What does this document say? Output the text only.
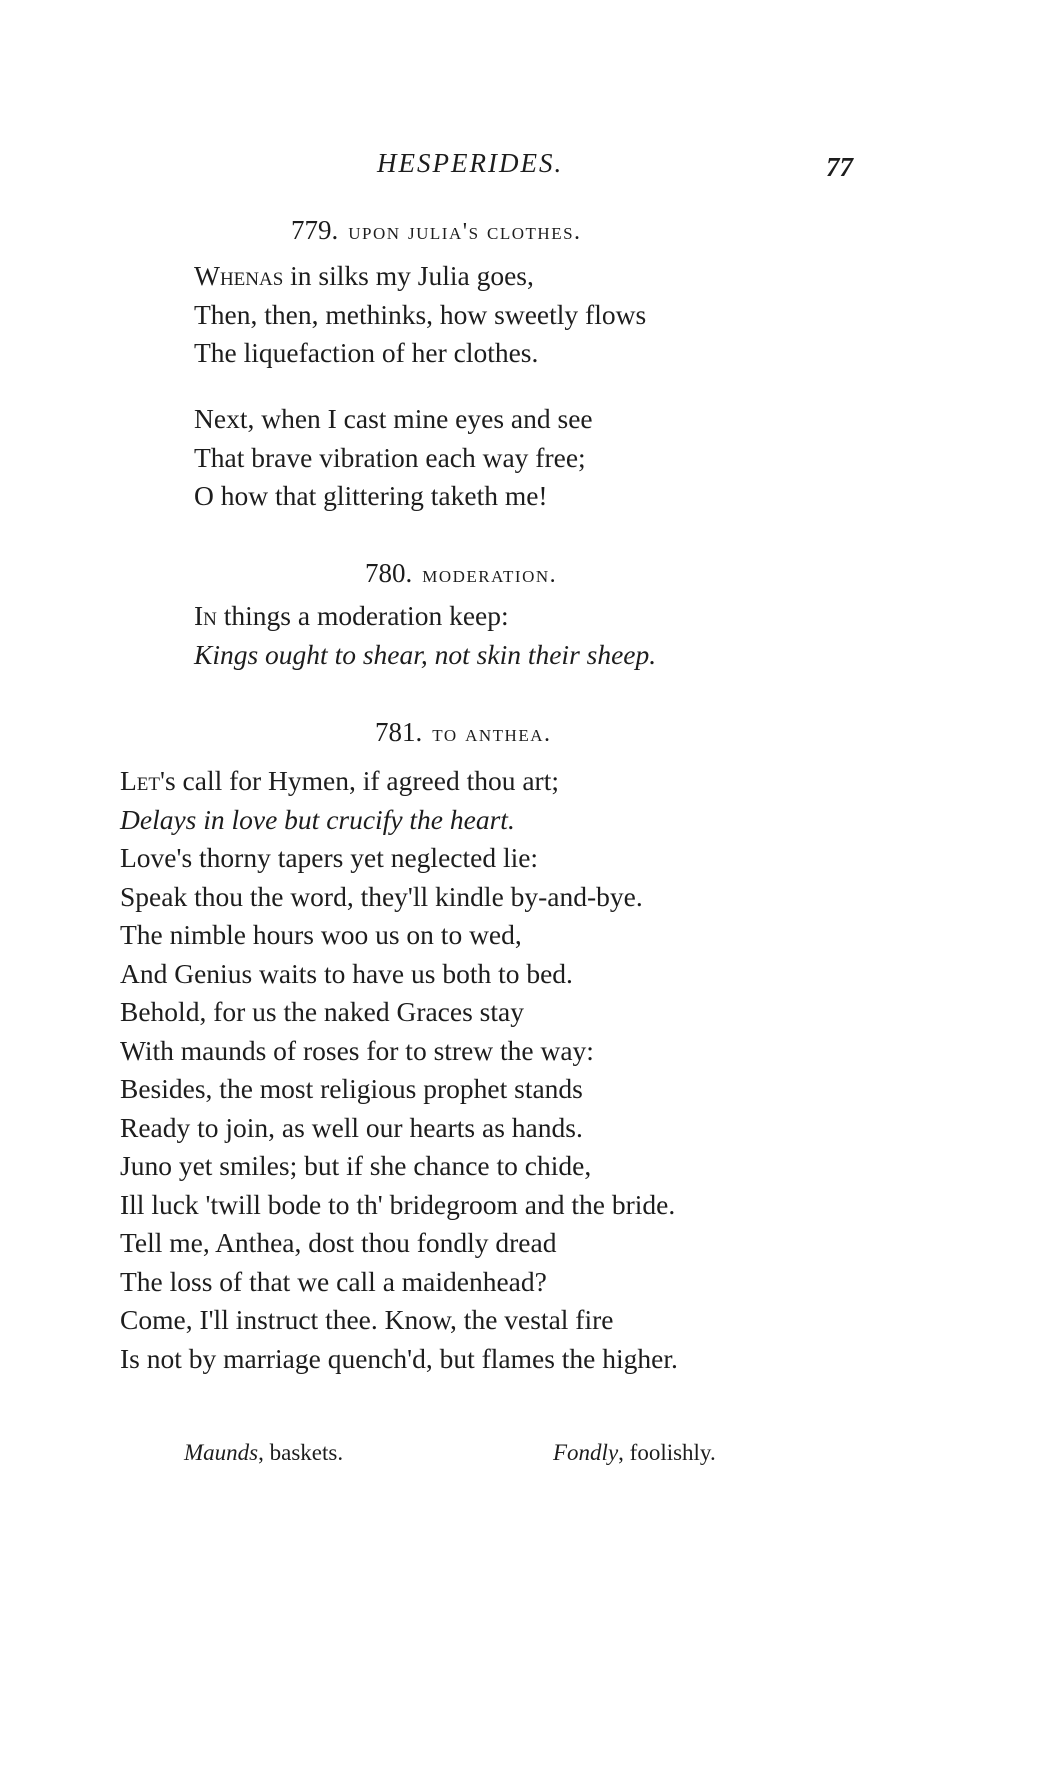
HESPERIDES.	77
779. upon julia's clothes.
Whenas in silks my Julia goes,
Then, then, methinks, how sweetly flows
The liquefaction of her clothes.
Next, when I cast mine eyes and see
That brave vibration each way free;
O how that glittering taketh me!
780. moderation.
In things a moderation keep:
Kings ought to shear, not skin their sheep.
781. to anthea.
Let's call for Hymen, if agreed thou art;
Delays in love but crucify the heart.
Love's thorny tapers yet neglected lie:
Speak thou the word, they'll kindle by-and-bye.
The nimble hours woo us on to wed,
And Genius waits to have us both to bed.
Behold, for us the naked Graces stay
With maunds of roses for to strew the way:
Besides, the most religious prophet stands
Ready to join, as well our hearts as hands.
Juno yet smiles; but if she chance to chide,
Ill luck 'twill bode to th' bridegroom and the bride.
Tell me, Anthea, dost thou fondly dread
The loss of that we call a maidenhead?
Come, I'll instruct thee. Know, the vestal fire
Is not by marriage quench'd, but flames the higher.
Maunds, baskets.	Fondly, foolishly.
